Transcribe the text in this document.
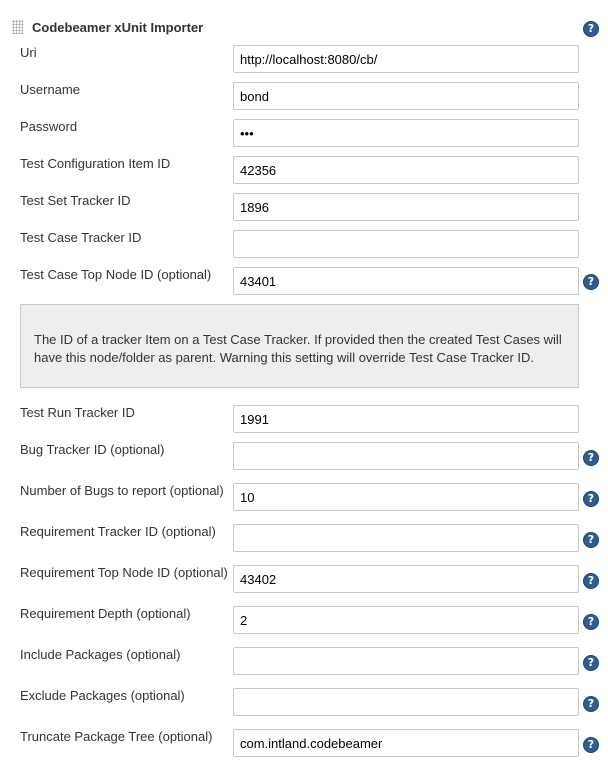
Codebeamer xUnit Importer	?
Uri
http://localhost:8080/cb/
Username
bond
Password
•••
Test Configuration Item ID
42356
Test Set Tracker ID
1896
Test Case Tracker ID
Test Case Top Node ID (optional)
43401	?
The ID of a tracker Item on a Test Case Tracker. If provided then the created Test Cases will have this node/folder as parent. Warning this setting will override Test Case Tracker ID.
Test Run Tracker ID
1991
Bug Tracker ID (optional)
?
Number of Bugs to report (optional)
10
?
Requirement Tracker ID (optional)
?
Requirement Top Node ID (optional)
43402
?
Requirement Depth (optional)
2
?
Include Packages (optional)
?
Exclude Packages (optional)
?
Truncate Package Tree (optional)
com.intland.codebeamer
?
